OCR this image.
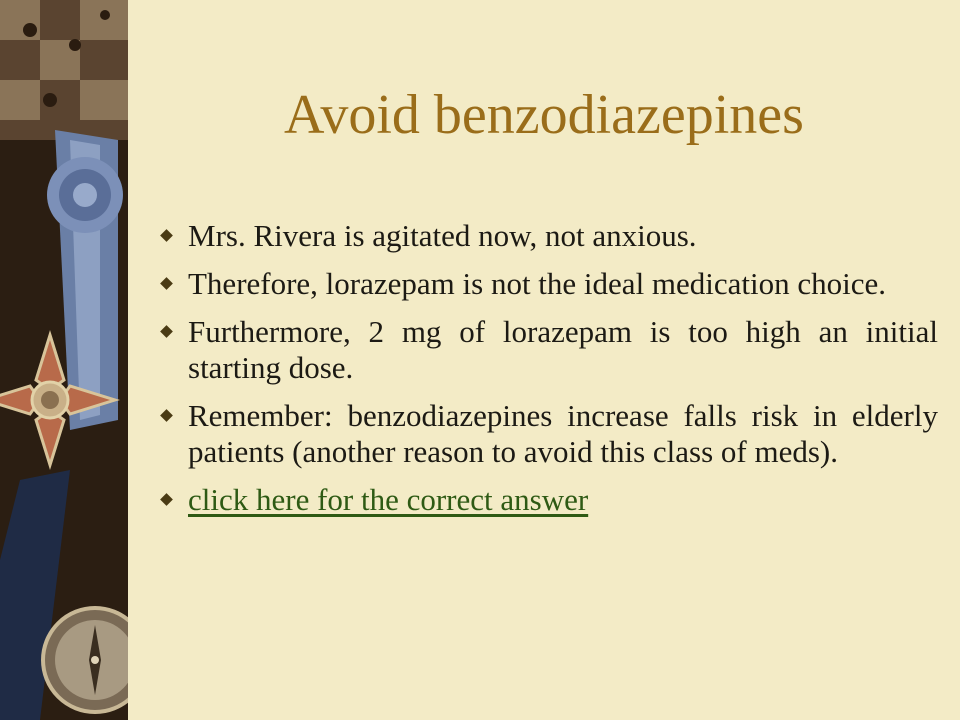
Avoid benzodiazepines
Mrs. Rivera is agitated now, not anxious.
Therefore, lorazepam is not the ideal medication choice.
Furthermore, 2 mg of lorazepam is too high an initial starting dose.
Remember: benzodiazepines increase falls risk in elderly patients (another reason to avoid this class of meds).
click here for the correct answer
